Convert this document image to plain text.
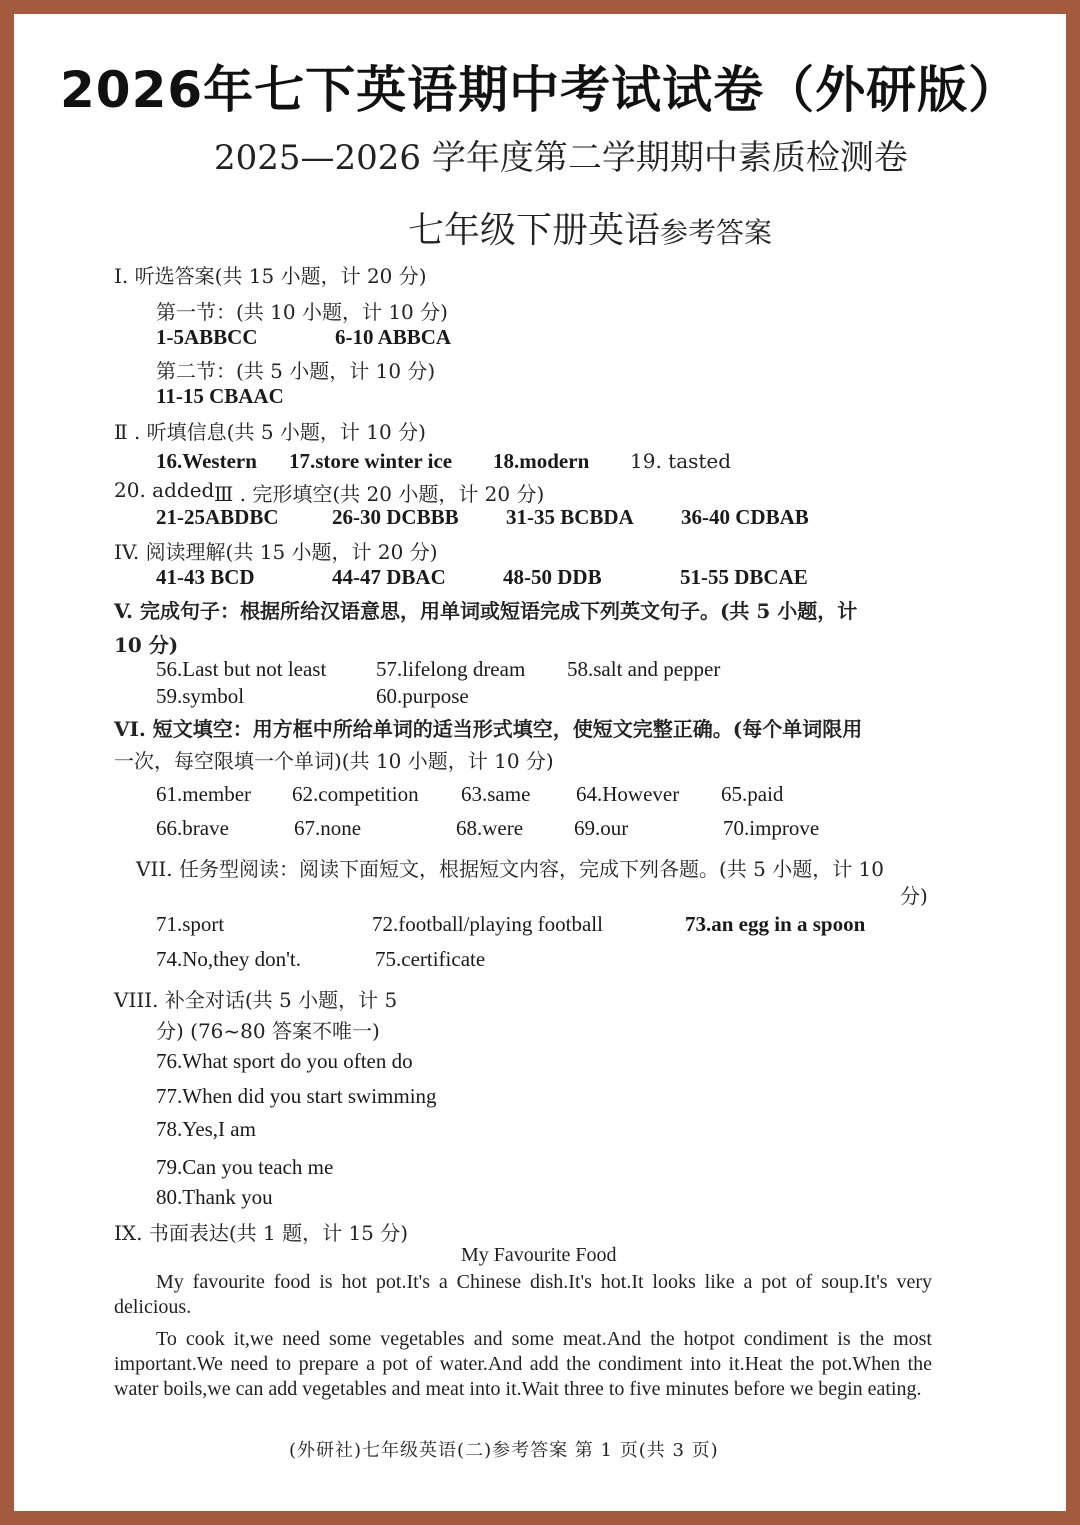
2026年七下英语期中考试试卷（外研版）
2025—2026 学年度第二学期期中素质检测卷
七年级下册英语参考答案
I. 听选答案(共 15 小题，计 20 分)
第一节：(共 10 小题，计 10 分)
1-5ABBCC	6-10 ABBCA
第二节：(共 5 小题，计 10 分)
11-15 CBAAC
Ⅱ . 听填信息(共 5 小题，计 10 分)
16.Western 17.store winter ice 18.modern 19. tasted
20. added Ⅲ . 完形填空(共 20 小题，计 20 分)
21-25ABDBC	26-30 DCBBB 31-35 BCBDA 36-40 CDBAB
IV. 阅读理解(共 15 小题，计 20 分)
41-43 BCD	44-47 DBAC	48-50 DDB	51-55 DBCAE
V. 完成句子：根据所给汉语意思，用单词或短语完成下列英文句子。(共 5 小题，计
10 分)
56.Last but not least 57.lifelong dream 58.salt and pepper
59.symbol	60.purpose
VI. 短文填空：用方框中所给单词的适当形式填空，使短文完整正确。(每个单词限用
一次，每空限填一个单词)(共 10 小题，计 10 分)
61.member 62.competition 63.same 64.However 65.paid
66.brave	67.none	68.were 69.our	70.improve
VII. 任务型阅读：阅读下面短文，根据短文内容，完成下列各题。(共 5 小题，计 10
分)
71.sport	72.football/playing football	73.an egg in a spoon
74.No,they don't.	75.certificate
VIII. 补全对话(共 5 小题，计 5
分) (76~80 答案不唯一)
76.What sport do you often do
77.When did you start swimming
78.Yes,I am
79.Can you teach me
80.Thank you
IX. 书面表达(共 1 题，计 15 分)
My Favourite Food
My favourite food is hot pot.It's a Chinese dish.It's hot.It looks like a pot of soup.It's very delicious.
To cook it,we need some vegetables and some meat.And the hotpot condiment is the most important.We need to prepare a pot of water.And add the condiment into it.Heat the pot.When the water boils,we can add vegetables and meat into it.Wait three to five minutes before we begin eating.
(外研社)七年级英语(二)参考答案 第 1 页(共 3 页)
